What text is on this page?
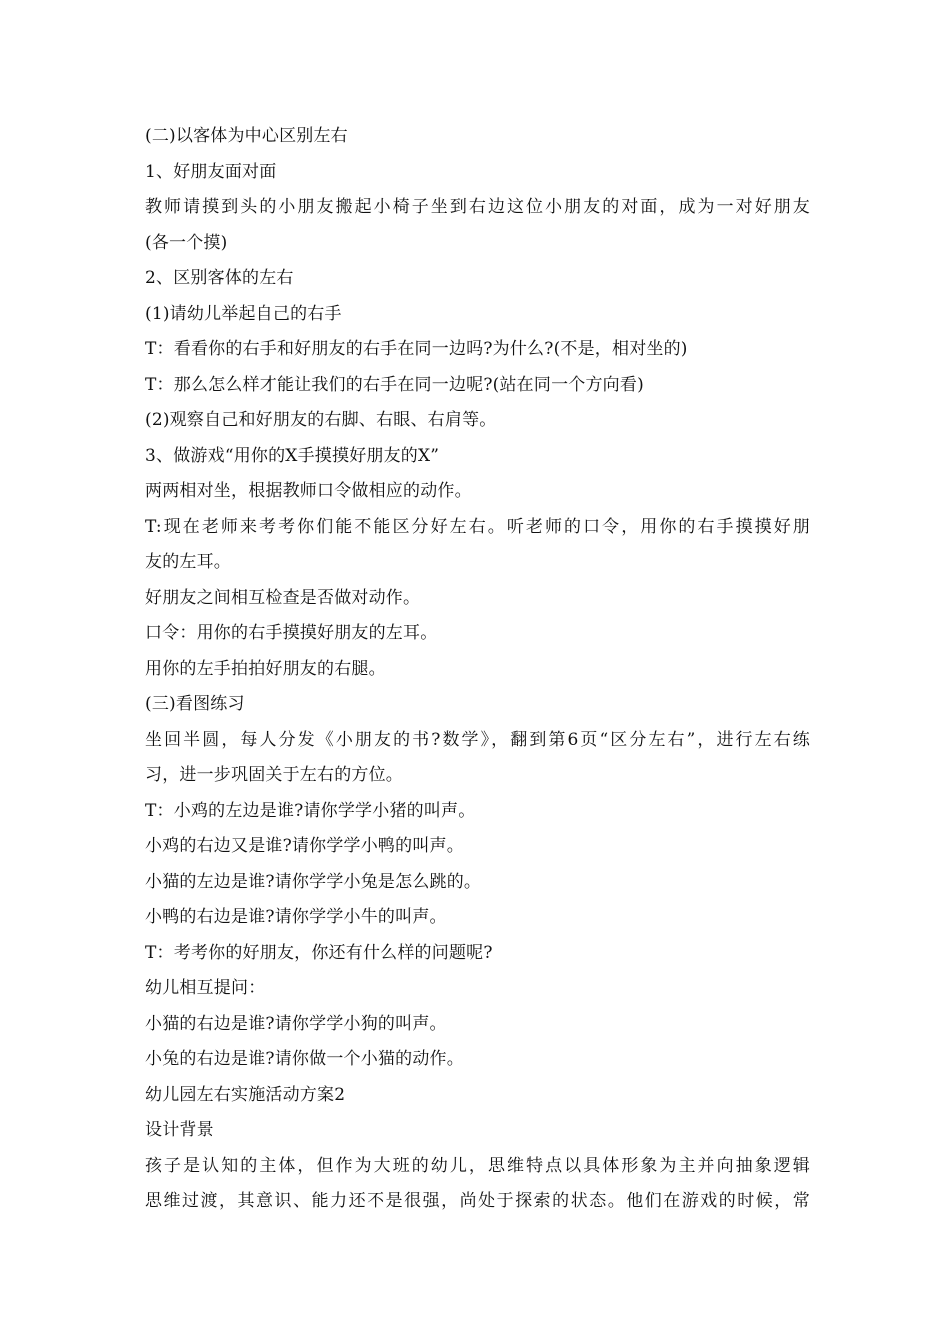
(二)以客体为中心区别左右
1、好朋友面对面
教师请摸到头的小朋友搬起小椅子坐到右边这位小朋友的对面，成为一对好朋友
(各一个摸)
2、区别客体的左右
(1)请幼儿举起自己的右手
T：看看你的右手和好朋友的右手在同一边吗?为什么?(不是，相对坐的)
T：那么怎么样才能让我们的右手在同一边呢?(站在同一个方向看)
(2)观察自己和好朋友的右脚、右眼、右肩等。
3、做游戏“用你的X手摸摸好朋友的X”
两两相对坐，根据教师口令做相应的动作。
T:现在老师来考考你们能不能区分好左右。听老师的口令，用你的右手摸摸好朋
友的左耳。
好朋友之间相互检查是否做对动作。
口令：用你的右手摸摸好朋友的左耳。
用你的左手拍拍好朋友的右腿。
(三)看图练习
坐回半圆，每人分发《小朋友的书?数学》，翻到第6页“区分左右”，进行左右练
习，进一步巩固关于左右的方位。
T：小鸡的左边是谁?请你学学小猪的叫声。
小鸡的右边又是谁?请你学学小鸭的叫声。
小猫的左边是谁?请你学学小兔是怎么跳的。
小鸭的右边是谁?请你学学小牛的叫声。
T：考考你的好朋友，你还有什么样的问题呢?
幼儿相互提问：
小猫的右边是谁?请你学学小狗的叫声。
小兔的右边是谁?请你做一个小猫的动作。
幼儿园左右实施活动方案2
设计背景
孩子是认知的主体，但作为大班的幼儿，思维特点以具体形象为主并向抽象逻辑
思维过渡，其意识、能力还不是很强，尚处于探索的状态。他们在游戏的时候，常
